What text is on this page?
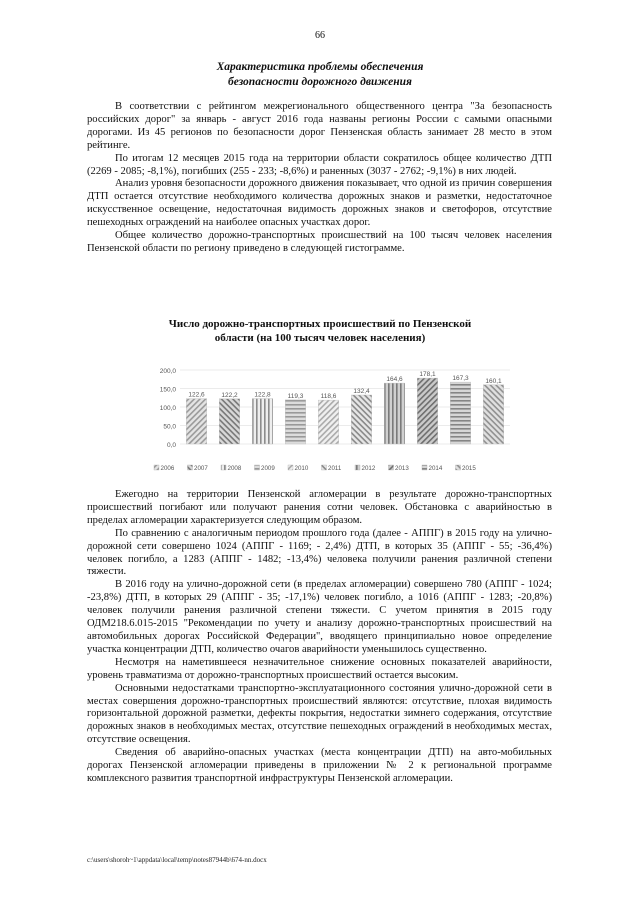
66
Характеристика проблемы обеспечения
безопасности дорожного движения

В соответствии с рейтингом межрегионального общественного центра "За безопасность российских дорог" за январь - август 2016 года названы регионы России с самыми опасными дорогами. Из 45 регионов по безопасности дорог Пензенская область занимает 28 место в этом рейтинге.

По итогам 12 месяцев 2015 года на территории области сократилось общее количество ДТП (2269 - 2085; -8,1%), погибших (255 - 233; -8,6%) и раненных (3037 - 2762; -9,1%) в них людей.

Анализ уровня безопасности дорожного движения показывает, что одной из причин совершения ДТП остается отсутствие необходимого количества дорожных знаков и разметки, недостаточное искусственное освещение, недостаточная видимость дорожных знаков и светофоров, отсутствие пешеходных ограждений на наиболее опасных участках дорог.

Общее количество дорожно-транспортных происшествий на 100 тысяч человек населения Пензенской области по региону приведено в следующей гистограмме.

Число дорожно-транспортных происшествий по Пензенской
области (на 100 тысяч человек населения)
200,0
150,0
100,0
50,0
0,0
122,6	122,2	122,8	119,3	118,6
132,4
164,6
178,1
167,3	160,1
2006	2007	2008	2009	2010	2011	2012	2013	2014	2015

Ежегодно на территории Пензенской агломерации в результате дорожно-транспортных происшествий погибают или получают ранения сотни человек. Обстановка с аварийностью в пределах агломерации характеризуется следующим образом.

По сравнению с аналогичным периодом прошлого года (далее - АППГ) в 2015 году на улично-дорожной сети совершено 1024 (АППГ - 1169; - 2,4%) ДТП, в которых 35 (АППГ - 55; -36,4%) человек погибло, а 1283 (АППГ - 1482; -13,4%) человека получили ранения различной степени тяжести.

В 2016 году на улично-дорожной сети (в пределах агломерации) совершено 780 (АППГ - 1024; -23,8%) ДТП, в которых 29 (АППГ - 35; -17,1%) человек погибло, а 1016 (АППГ - 1283; -20,8%) человек получили ранения различной степени тяжести. С учетом принятия в 2015 году ОДМ218.6.015-2015 "Рекомендации по учету и анализу дорожно-транспортных происшествий на автомобильных дорогах Российской Федерации", вводящего принципиально новое определение участка концентрации ДТП, количество очагов аварийности уменьшилось существенно.

Несмотря на наметившееся незначительное снижение основных показателей аварийности, уровень травматизма от дорожно-транспортных происшествий остается высоким.

Основными недостатками транспортно-эксплуатационного состояния улично-дорожной сети в местах совершения дорожно-транспортных происшествий являются: отсутствие, плохая видимость горизонтальной дорожной разметки, дефекты покрытия, недостатки зимнего содержания, отсутствие дорожных знаков в необходимых местах, отсутствие пешеходных ограждений в необходимых местах, отсутствие освещения.

Сведения об аварийно-опасных участках (места концентрации ДТП) на авто-мобильных дорогах Пензенской агломерации приведены в приложении № 2 к региональной программе комплексного развития транспортной инфраструктуры Пензенской агломерации.

c:\users\shoroh~1\appdata\local\temp\notes87944b\674-nn.docx
